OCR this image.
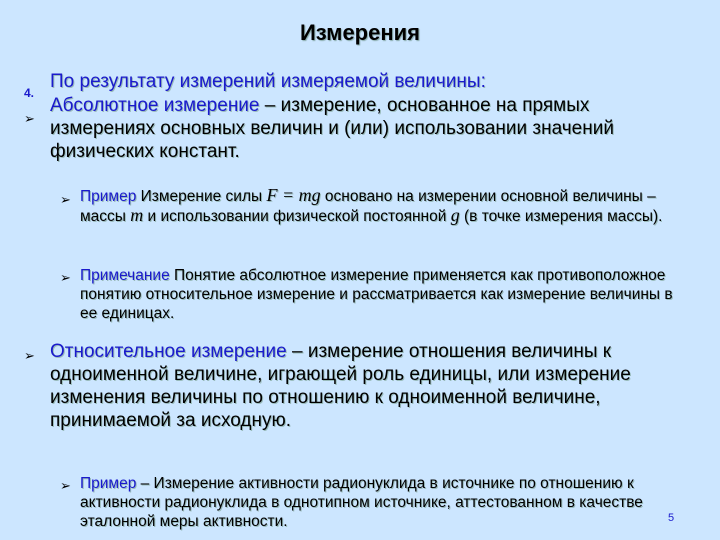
Измерения
4.
По результату измерений измеряемой величины:
➢
Абсолютное измерение – измерение, основанное на прямых измерениях основных величин и (или) использовании значений физических констант.
➢ Пример Измерение силы F = mg основано на измерении основной величины – массы m и использовании физической постоянной g (в точке измерения массы).
➢ Примечание Понятие абсолютное измерение применяется как противоположное понятию относительное измерение и рассматривается как измерение величины в ее единицах.
➢ Относительное измерение – измерение отношения величины к одноименной величине, играющей роль единицы, или измерение изменения величины по отношению к одноименной величине, принимаемой за исходную.
➢ Пример – Измерение активности радионуклида в источнике по отношению к активности радионуклида в однотипном источнике, аттестованном в качестве эталонной меры активности.	5
